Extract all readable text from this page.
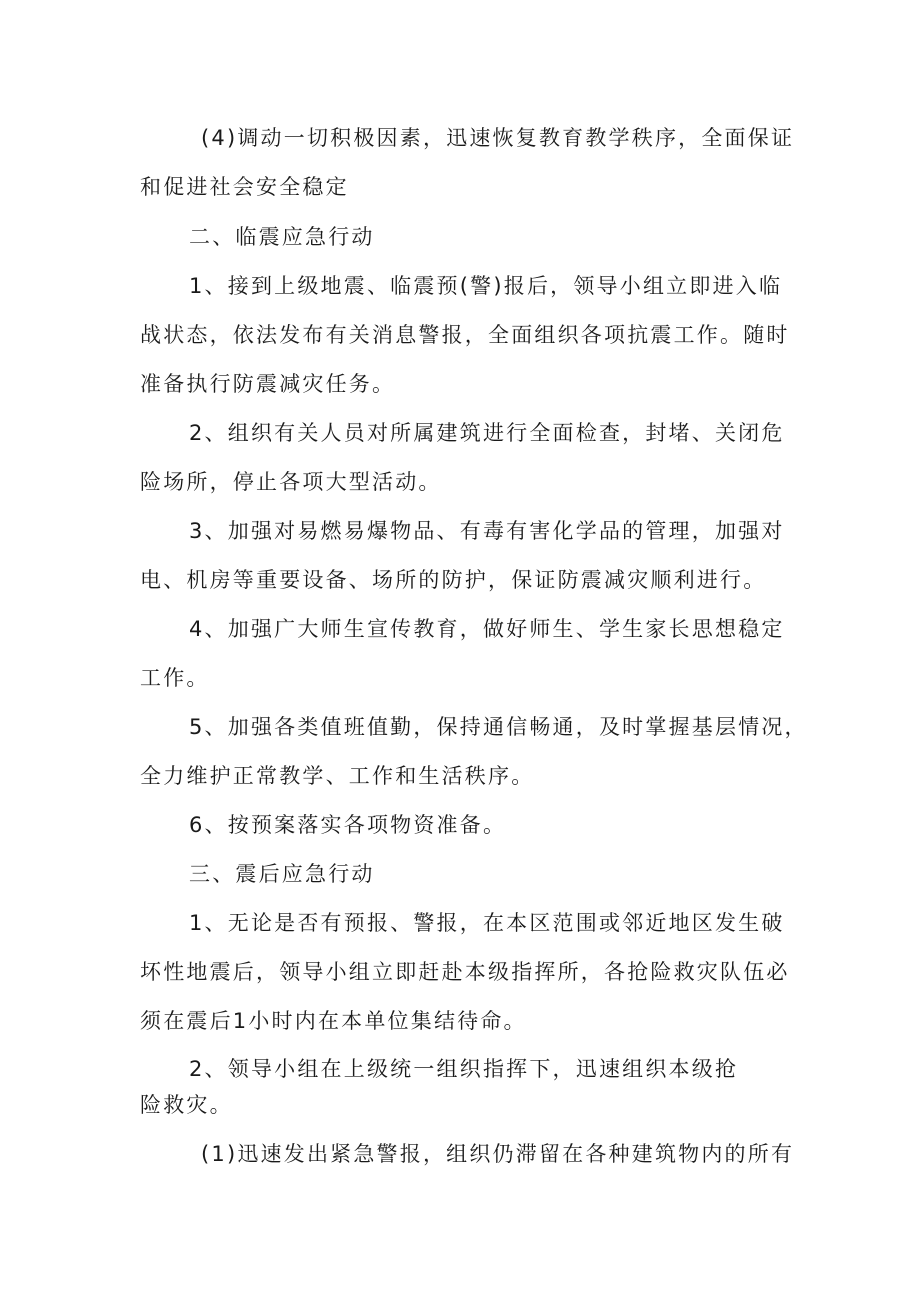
(4)调动一切积极因素，迅速恢复教育教学秩序，全面保证

和促进社会安全稳定

二、临震应急行动

1、接到上级地震、临震预(警)报后，领导小组立即进入临

战状态，依法发布有关消息警报，全面组织各项抗震工作。随时

准备执行防震减灾任务。

2、组织有关人员对所属建筑进行全面检查，封堵、关闭危

险场所，停止各项大型活动。

3、加强对易燃易爆物品、有毒有害化学品的管理，加强对

电、机房等重要设备、场所的防护，保证防震减灾顺利进行。

4、加强广大师生宣传教育，做好师生、学生家长思想稳定

工作。

5、加强各类值班值勤，保持通信畅通，及时掌握基层情况，

全力维护正常教学、工作和生活秩序。

6、按预案落实各项物资准备。

三、震后应急行动

1、无论是否有预报、警报，在本区范围或邻近地区发生破

坏性地震后，领导小组立即赶赴本级指挥所，各抢险救灾队伍必

须在震后1小时内在本单位集结待命。

2、领导小组在上级统一组织指挥下，迅速组织本级抢

险救灾。

(1)迅速发出紧急警报，组织仍滞留在各种建筑物内的所有
